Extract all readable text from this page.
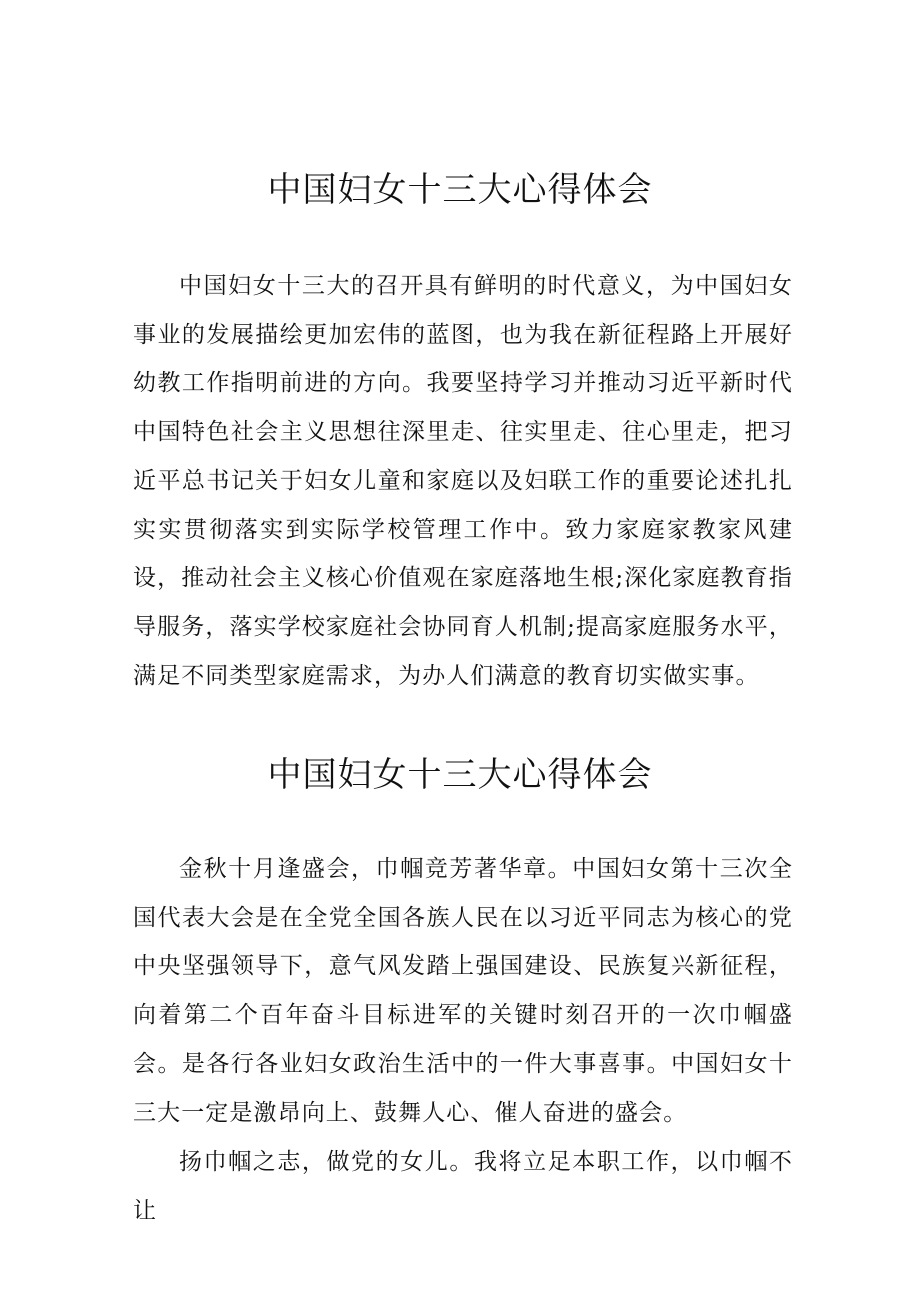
中国妇女十三大心得体会

中国妇女十三大的召开具有鲜明的时代意义，为中国妇女事业的发展描绘更加宏伟的蓝图，也为我在新征程路上开展好幼教工作指明前进的方向。我要坚持学习并推动习近平新时代中国特色社会主义思想往深里走、往实里走、往心里走，把习近平总书记关于妇女儿童和家庭以及妇联工作的重要论述扎扎实实贯彻落实到实际学校管理工作中。致力家庭家教家风建设，推动社会主义核心价值观在家庭落地生根;深化家庭教育指导服务，落实学校家庭社会协同育人机制;提高家庭服务水平，满足不同类型家庭需求，为办人们满意的教育切实做实事。

中国妇女十三大心得体会

金秋十月逢盛会，巾帼竞芳著华章。中国妇女第十三次全国代表大会是在全党全国各族人民在以习近平同志为核心的党中央坚强领导下，意气风发踏上强国建设、民族复兴新征程，向着第二个百年奋斗目标进军的关键时刻召开的一次巾帼盛会。是各行各业妇女政治生活中的一件大事喜事。中国妇女十三大一定是激昂向上、鼓舞人心、催人奋进的盛会。

扬巾帼之志，做党的女儿。我将立足本职工作，以巾帼不让
